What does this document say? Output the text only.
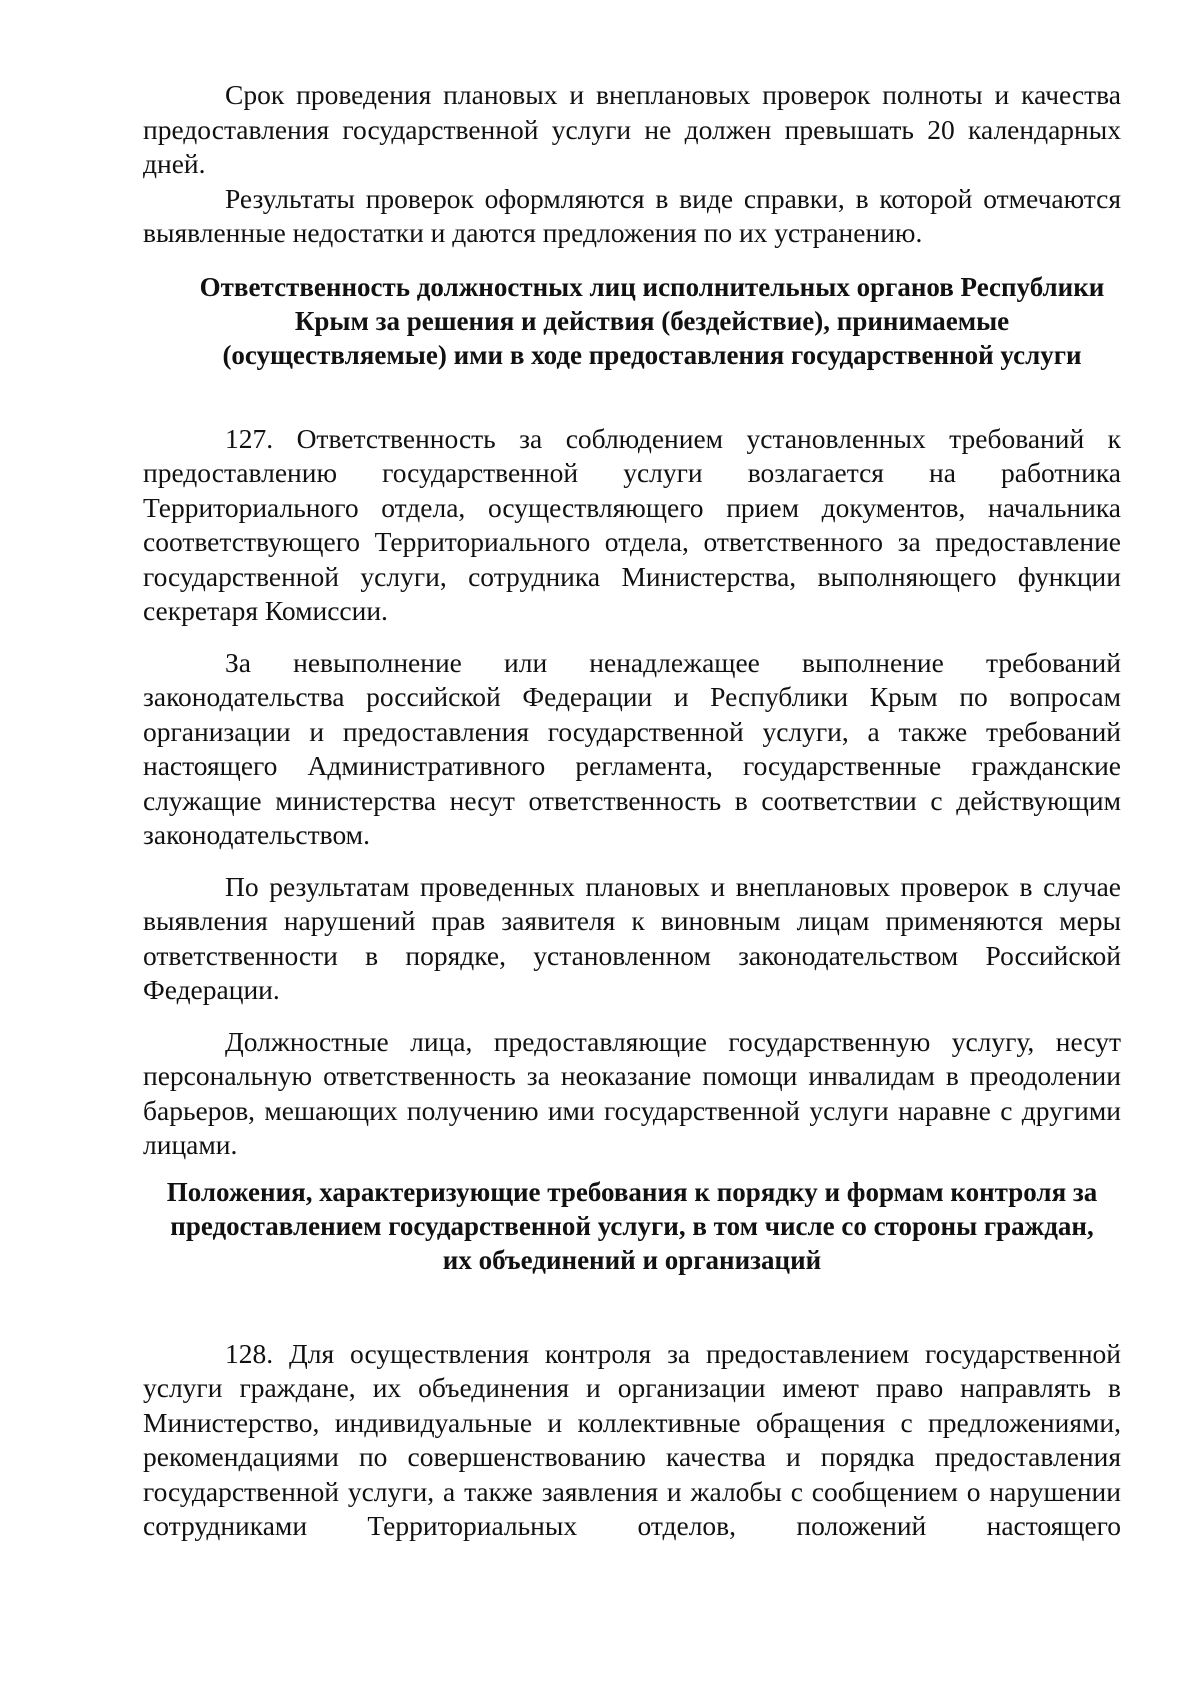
Срок проведения плановых и внеплановых проверок полноты и качества предоставления государственной услуги не должен превышать 20 календарных дней.

Результаты проверок оформляются в виде справки, в которой отмечаются выявленные недостатки и даются предложения по их устранению.

Ответственность должностных лиц исполнительных органов Республики Крым за решения и действия (бездействие), принимаемые (осуществляемые) ими в ходе предоставления государственной услуги

127. Ответственность за соблюдением установленных требований к предоставлению государственной услуги возлагается на работника Территориального отдела, осуществляющего прием документов, начальника соответствующего Территориального отдела, ответственного за предоставление государственной услуги, сотрудника Министерства, выполняющего функции секретаря Комиссии.

За невыполнение или ненадлежащее выполнение требований законодательства российской Федерации и Республики Крым по вопросам организации и предоставления государственной услуги, а также требований настоящего Административного регламента, государственные гражданские служащие министерства несут ответственность в соответствии с действующим законодательством.

По результатам проведенных плановых и внеплановых проверок в случае выявления нарушений прав заявителя к виновным лицам применяются меры ответственности в порядке, установленном законодательством Российской Федерации.

Должностные лица, предоставляющие государственную услугу, несут персональную ответственность за неоказание помощи инвалидам в преодолении барьеров, мешающих получению ими государственной услуги наравне с другими лицами.

Положения, характеризующие требования к порядку и формам контроля за предоставлением государственной услуги, в том числе со стороны граждан, их объединений и организаций

128. Для осуществления контроля за предоставлением государственной услуги граждане, их объединения и организации имеют право направлять в Министерство, индивидуальные и коллективные обращения с предложениями, рекомендациями по совершенствованию качества и порядка предоставления государственной услуги, а также заявления и жалобы с сообщением о нарушении сотрудниками Территориальных отделов, положений настоящего
